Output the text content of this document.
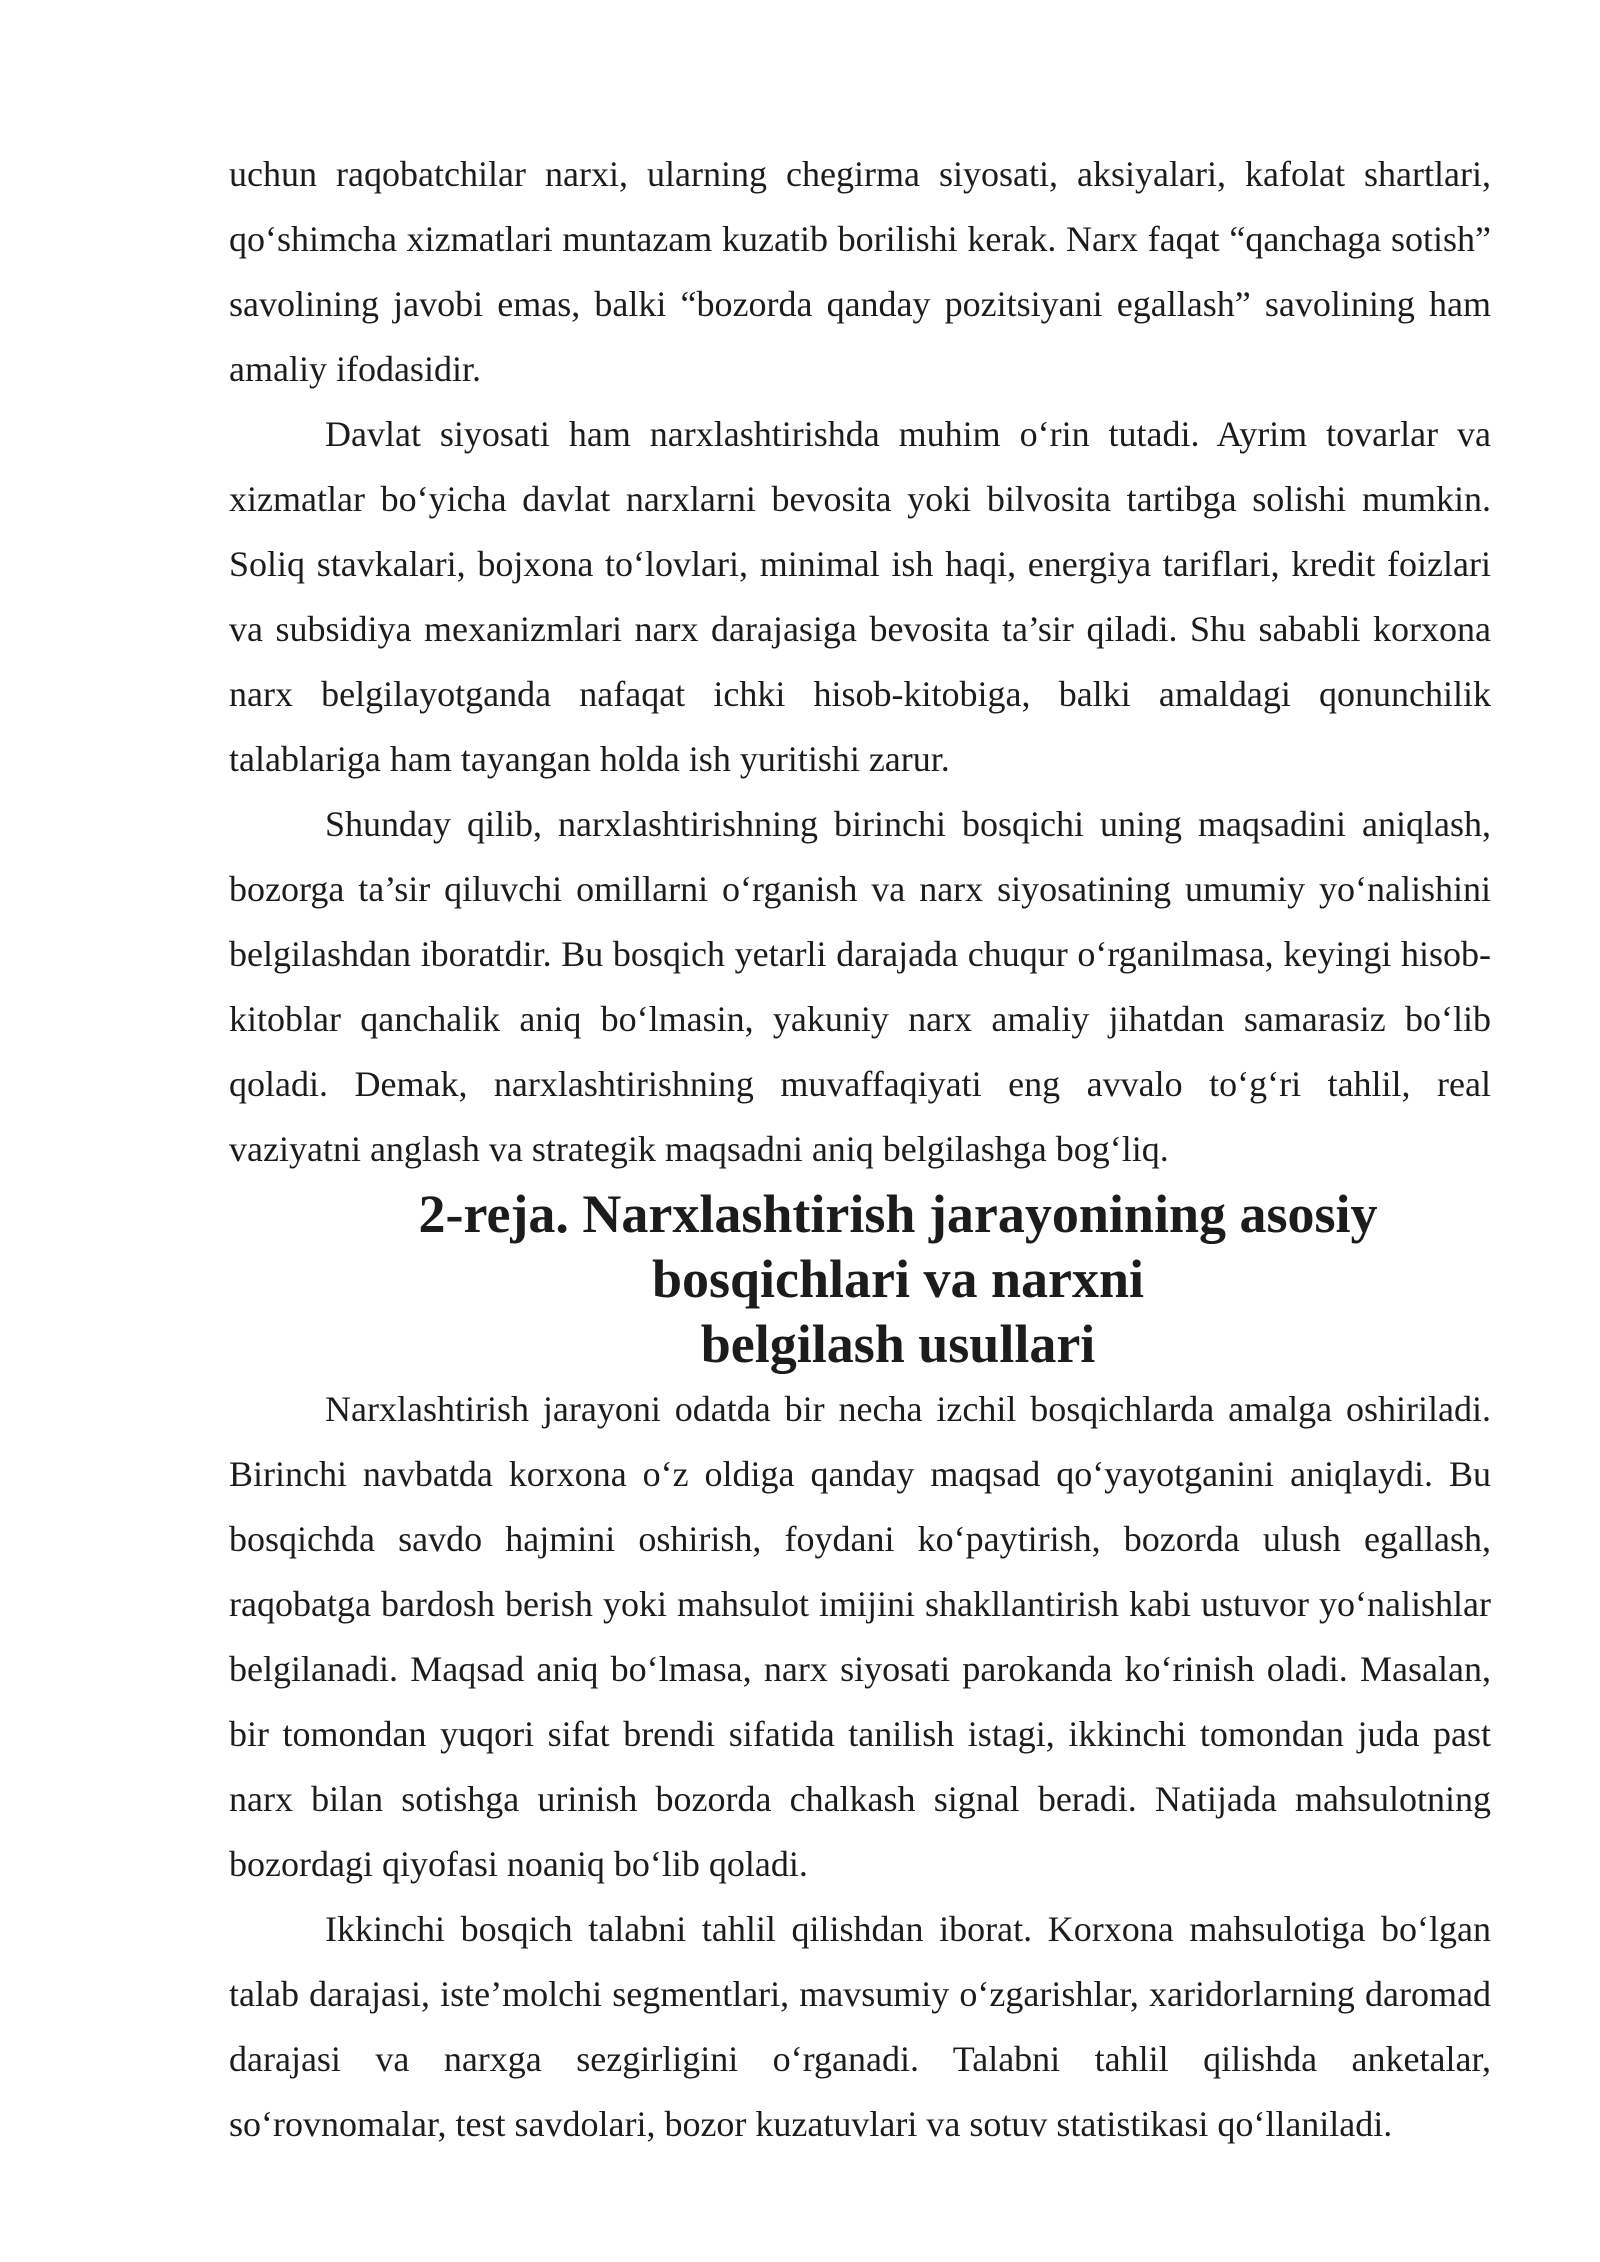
uchun raqobatchilar narxi, ularning chegirma siyosati, aksiyalari, kafolat shartlari, qo‘shimcha xizmatlari muntazam kuzatib borilishi kerak. Narx faqat “qanchaga sotish” savolining javobi emas, balki “bozorda qanday pozitsiyani egallash” savolining ham amaliy ifodasidir.

Davlat siyosati ham narxlashtirishda muhim o‘rin tutadi. Ayrim tovarlar va xizmatlar bo‘yicha davlat narxlarni bevosita yoki bilvosita tartibga solishi mumkin. Soliq stavkalari, bojxona to‘lovlari, minimal ish haqi, energiya tariflari, kredit foizlari va subsidiya mexanizmlari narx darajasiga bevosita ta’sir qiladi. Shu sababli korxona narx belgilayotganda nafaqat ichki hisob-kitobiga, balki amaldagi qonunchilik talablariga ham tayangan holda ish yuritishi zarur.

Shunday qilib, narxlashtirishning birinchi bosqichi uning maqsadini aniqlash, bozorga ta’sir qiluvchi omillarni o‘rganish va narx siyosatining umumiy yo‘nalishini belgilashdan iboratdir. Bu bosqich yetarli darajada chuqur o‘rganilmasa, keyingi hisob-kitoblar qanchalik aniq bo‘lmasin, yakuniy narx amaliy jihatdan samarasiz bo‘lib qoladi. Demak, narxlashtirishning muvaffaqiyati eng avvalo to‘g‘ri tahlil, real vaziyatni anglash va strategik maqsadni aniq belgilashga bog‘liq.

2-reja. Narxlashtirish jarayonining asosiy bosqichlari va narxni
belgilash usullari

Narxlashtirish jarayoni odatda bir necha izchil bosqichlarda amalga oshiriladi. Birinchi navbatda korxona o‘z oldiga qanday maqsad qo‘yayotganini aniqlaydi. Bu bosqichda savdo hajmini oshirish, foydani ko‘paytirish, bozorda ulush egallash, raqobatga bardosh berish yoki mahsulot imijini shakllantirish kabi ustuvor yo‘nalishlar belgilanadi. Maqsad aniq bo‘lmasa, narx siyosati parokanda ko‘rinish oladi. Masalan, bir tomondan yuqori sifat brendi sifatida tanilish istagi, ikkinchi tomondan juda past narx bilan sotishga urinish bozorda chalkash signal beradi. Natijada mahsulotning bozordagi qiyofasi noaniq bo‘lib qoladi.

Ikkinchi bosqich talabni tahlil qilishdan iborat. Korxona mahsulotiga bo‘lgan talab darajasi, iste’molchi segmentlari, mavsumiy o‘zgarishlar, xaridorlarning daromad darajasi va narxga sezgirligini o‘rganadi. Talabni tahlil qilishda anketalar, so‘rovnomalar, test savdolari, bozor kuzatuvlari va sotuv statistikasi qo‘llaniladi.
